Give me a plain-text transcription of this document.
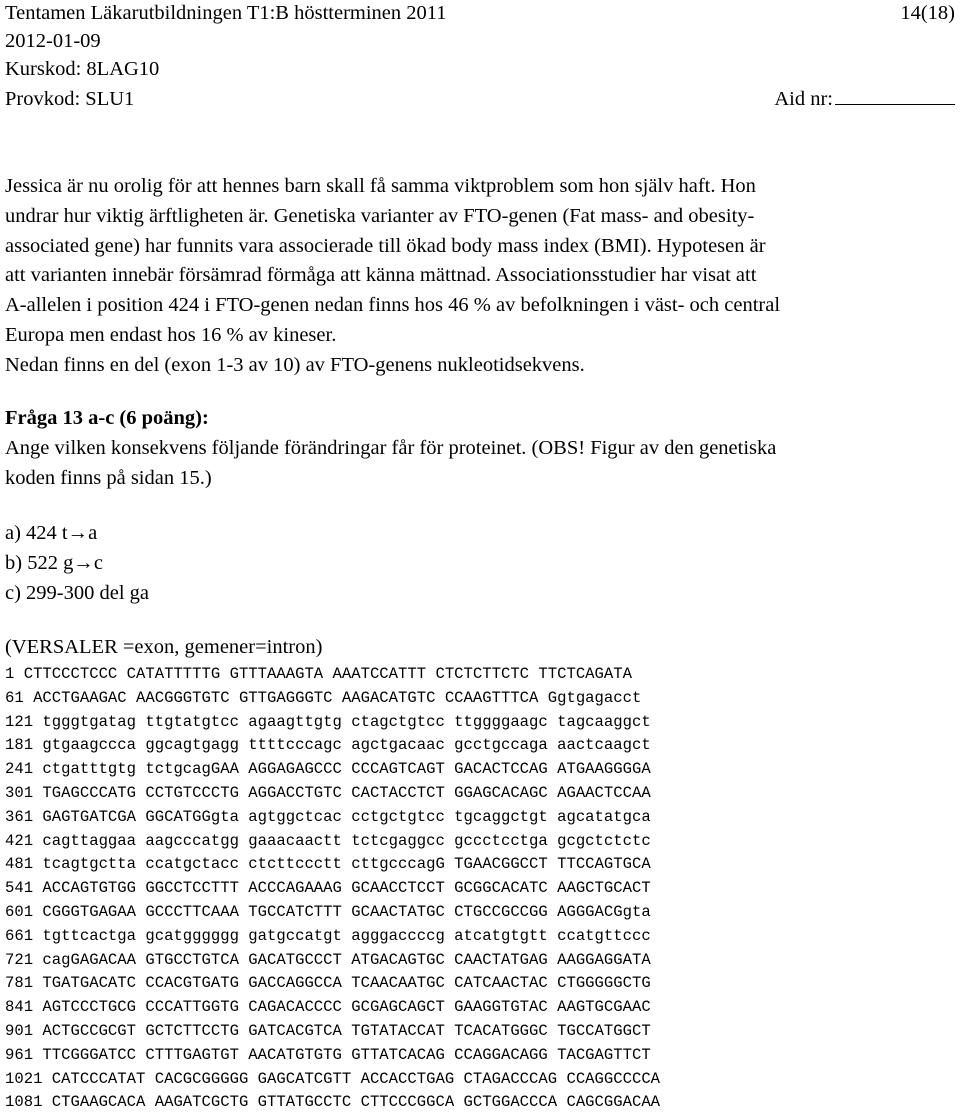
Tentamen Läkarutbildningen T1:B höstterminen 2011	14(18)
2012-01-09
Kurskod: 8LAG10
Provkod: SLU1	Aid nr:
Jessica är nu orolig för att hennes barn skall få samma viktproblem som hon själv haft. Hon
undrar hur viktig ärftligheten är. Genetiska varianter av FTO-genen (Fat mass- and obesity-
associated gene) har funnits vara associerade till ökad body mass index (BMI). Hypotesen är
att varianten innebär försämrad förmåga att känna mättnad. Associationsstudier har visat att
A-allelen i position 424 i FTO-genen nedan finns hos 46 % av befolkningen i väst- och central
Europa men endast hos 16 % av kineser.
Nedan finns en del (exon 1-3 av 10) av FTO-genens nukleotidsekvens.
Fråga 13 a-c (6 poäng):
Ange vilken konsekvens följande förändringar får för proteinet. (OBS! Figur av den genetiska
koden finns på sidan 15.)
a) 424 t→a
b) 522 g→c
c) 299-300 del ga
(VERSALER =exon, gemener=intron)
1 CTTCCCTCCC CATATTTTTG GTTTAAAGTA AAATCCATTT CTCTCTTCTC TTCTCAGATA
61 ACCTGAAGAC AACGGGTGTC GTTGAGGGTC AAGACATGTC CCAAGTTTCA Ggtgagacct
121 tgggtgatag ttgtatgtcc agaagttgtg ctagctgtcc ttggggaagc tagcaaggct
181 gtgaagccca ggcagtgagg ttttcccagc agctgacaac gcctgccaga aactcaagct
241 ctgatttgtg tctgcagGAA AGGAGAGCCC CCCAGTCAGT GACACTCCAG ATGAAGGGGA
301 TGAGCCCATG CCTGTCCCTG AGGACCTGTC CACTACCTCT GGAGCACAGC AGAACTCCAA
361 GAGTGATCGA GGCATGGgta agtggctcac cctgctgtcc tgcaggctgt agcatatgca
421 cagttaggaa aagcccatgg gaaacaactt tctcgaggcc gccctcctga gcgctctctc
481 tcagtgctta ccatgctacc ctcttccctt cttgcccagG TGAACGGCCT TTCCAGTGCA
541 ACCAGTGTGG GGCCTCCTTT ACCCAGAAAG GCAACCTCCT GCGGCACATC AAGCTGCACT
601 CGGGTGAGAA GCCCTTCAAA TGCCATCTTT GCAACTATGC CTGCCGCCGG AGGGACGgta
661 tgttcactga gcatgggggg gatgccatgt agggaccccg atcatgtgtt ccatgttccc
721 cagGAGACAA GTGCCTGTCA GACATGCCCT ATGACAGTGC CAACTATGAG AAGGAGGATA
781 TGATGACATC CCACGTGATG GACCAGGCCA TCAACAATGC CATCAACTAC CTGGGGGCTG
841 AGTCCCTGCG CCCATTGGTG CAGACACCCC GCGAGCAGCT GAAGGTGTAC AAGTGCGAAC
901 ACTGCCGCGT GCTCTTCCTG GATCACGTCA TGTATACCAT TCACATGGGC TGCCATGGCT
961 TTCGGGATCC CTTTGAGTGT AACATGTGTG GTTATCACAG CCAGGACAGG TACGAGTTCT
1021 CATCCCATAT CACGCGGGGG GAGCATCGTT ACCACCTGAG CTAGACCCAG CCAGGCCCCA
1081 CTGAAGCACA AAGATCGCTG GTTATGCCTC CTTCCCGGCA GCTGGACCCA CAGCGGACAA
